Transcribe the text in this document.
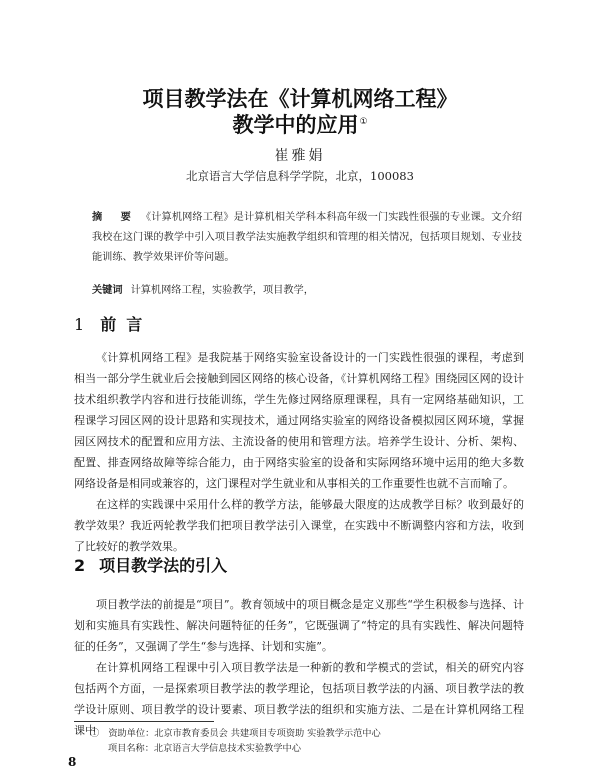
项目教学法在《计算机网络工程》
教学中的应用①
崔雅娟
北京语言大学信息科学学院，北京，100083
摘　要 《计算机网络工程》是计算机相关学科本科高年级一门实践性很强的专业课。文介绍我校在这门课的教学中引入项目教学法实施教学组织和管理的相关情况，包括项目规划、专业技能训练、教学效果评价等问题。
关键词 计算机网络工程，实验教学，项目教学，
1 前言

《计算机网络工程》是我院基于网络实验室设备设计的一门实践性很强的课程，考虑到相当一部分学生就业后会接触到园区网络的核心设备，《计算机网络工程》围绕园区网的设计技术组织教学内容和进行技能训练，学生先修过网络原理课程，具有一定网络基础知识，工程课学习园区网的设计思路和实现技术，通过网络实验室的网络设备模拟园区网环境，掌握园区网技术的配置和应用方法、主流设备的使用和管理方法。培养学生设计、分析、架构、配置、排查网络故障等综合能力，由于网络实验室的设备和实际网络环境中运用的绝大多数网络设备是相同或兼容的，这门课程对学生就业和从事相关的工作重要性也就不言而喻了。

在这样的实践课中采用什么样的教学方法，能够最大限度的达成教学目标？收到最好的教学效果？我近两轮教学我们把项目教学法引入课堂，在实践中不断调整内容和方法，收到了比较好的教学效果。

2 项目教学法的引入

项目教学法的前提是“项目”。教育领域中的项目概念是定义那些“学生积极参与选择、计划和实施具有实践性、解决问题特征的任务”，它既强调了“特定的具有实践性、解决问题特征的任务”，又强调了学生“参与选择、计划和实施”。

在计算机网络工程课中引入项目教学法是一种新的教和学模式的尝试，相关的研究内容包括两个方面，一是探索项目教学法的教学理论，包括项目教学法的内涵、项目教学法的教学设计原则、项目教学的设计要素、项目教学法的组织和实施方法、二是在计算机网络工程课中

①　资助单位：北京市教育委员会 共建项目专项资助 实验教学示范中心
项目名称：北京语言大学信息技术实验教学中心
8
